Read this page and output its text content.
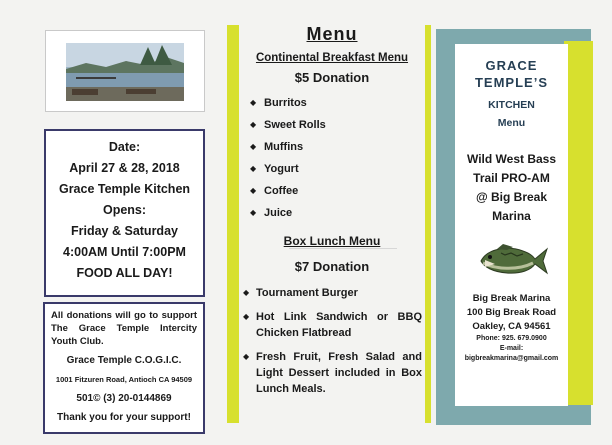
Date:
April 27 & 28, 2018
Grace Temple Kitchen
Opens:
Friday & Saturday
4:00AM Until 7:00PM
FOOD ALL DAY!
All donations will go to support The Grace Temple Intercity Youth Club.
Grace Temple C.O.G.I.C.
1001 Fitzuren Road, Antioch CA 94509
501© (3) 20-0144869
Thank you for your support!
Menu
Continental Breakfast Menu
$5 Donation
◆ Burritos
◆ Sweet Rolls
◆ Muffins
◆ Yogurt
◆ Coffee
◆ Juice
Box Lunch Menu
$7 Donation
◆ Tournament Burger
◆ Hot Link Sandwich or BBQ Chicken Flatbread
◆ Fresh Fruit, Fresh Salad and Light Dessert included in Box Lunch Meals.
GRACE
TEMPLE’S
KITCHEN
Menu
Wild West Bass
Trail PRO-AM
@ Big Break
Marina
Big Break Marina
100 Big Break Road
Oakley, CA 94561
Phone: 925. 679.0900
E-mail:
bigbreakmarina@gmail.com
